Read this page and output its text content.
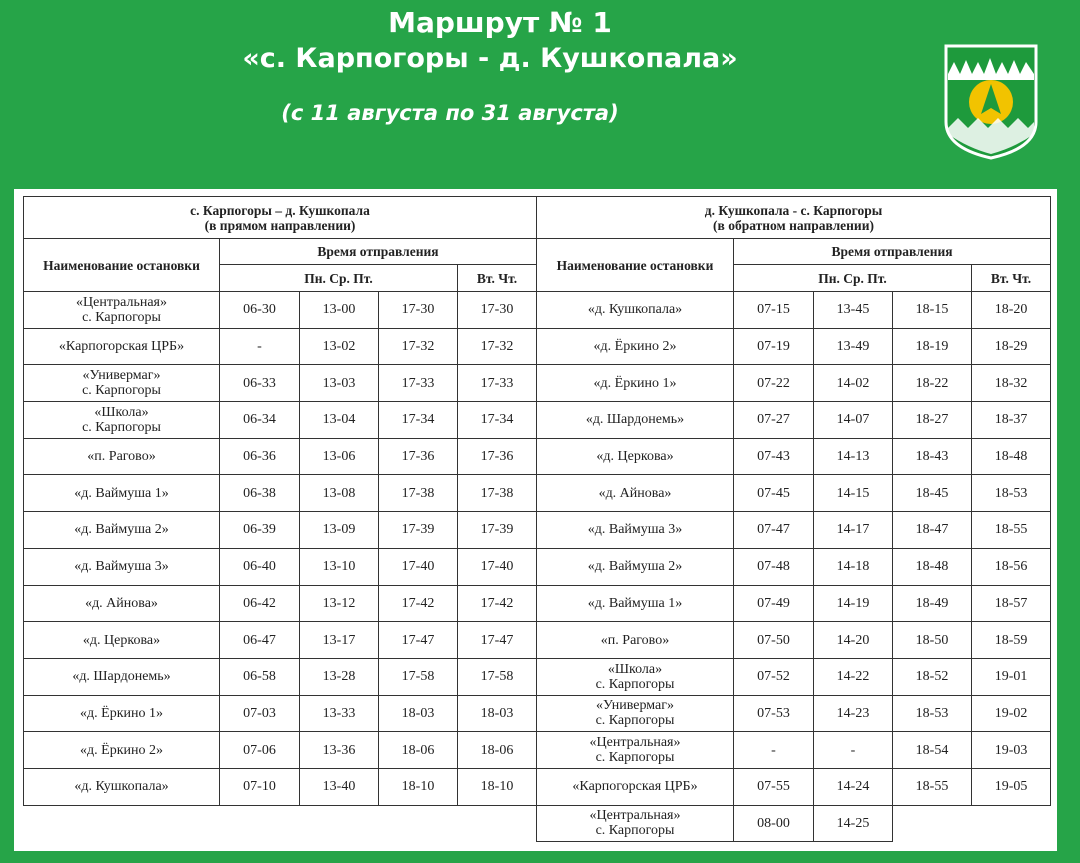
Маршрут № 1
«с. Карпогоры - д. Кушкопала»
(с 11 августа по 31 августа)
с. Карпогоры – д. Кушкопала
(в прямом направлении)				

Наименование остановки	Время отправления			
	Пн. Ср. Пт.			Вт. Чт.

«Центральная»
с. Карпогоры	06-30	13-00	17-30	17-30

«Карпогорская ЦРБ»	-	13-02	17-32	17-32

«Универмаг»
с. Карпогоры	06-33	13-03	17-33	17-33

«Школа»
с. Карпогоры	06-34	13-04	17-34	17-34

«п. Рагово»	06-36	13-06	17-36	17-36

«д. Ваймуша 1»	06-38	13-08	17-38	17-38

«д. Ваймуша 2»	06-39	13-09	17-39	17-39

«д. Ваймуша 3»	06-40	13-10	17-40	17-40

«д. Айнова»	06-42	13-12	17-42	17-42

«д. Церкова»	06-47	13-17	17-47	17-47

«д. Шардонемь»	06-58	13-28	17-58	17-58

«д. Ёркино 1»	07-03	13-33	18-03	18-03

«д. Ёркино 2»	07-06	13-36	18-06	18-06

«д. Кушкопала»	07-10	13-40	18-10	18-10
д. Кушкопала - с. Карпогоры
(в обратном направлении)				

Наименование остановки	Время отправления			
	Пн. Ср. Пт.			Вт. Чт.

«д. Кушкопала»	07-15	13-45	18-15	18-20

«д. Ёркино 2»	07-19	13-49	18-19	18-29

«д. Ёркино 1»	07-22	14-02	18-22	18-32

«д. Шардонемь»	07-27	14-07	18-27	18-37

«д. Церкова»	07-43	14-13	18-43	18-48

«д. Айнова»	07-45	14-15	18-45	18-53

«д. Ваймуша 3»	07-47	14-17	18-47	18-55

«д. Ваймуша 2»	07-48	14-18	18-48	18-56

«д. Ваймуша 1»	07-49	14-19	18-49	18-57

«п. Рагово»	07-50	14-20	18-50	18-59

«Школа»
с. Карпогоры	07-52	14-22	18-52	19-01

«Универмаг»
с. Карпогоры	07-53	14-23	18-53	19-02

«Центральная»
с. Карпогоры	-	-	18-54	19-03

«Карпогорская ЦРБ»	07-55	14-24	18-55	19-05

«Центральная»
с. Карпогоры	08-00	14-25		
